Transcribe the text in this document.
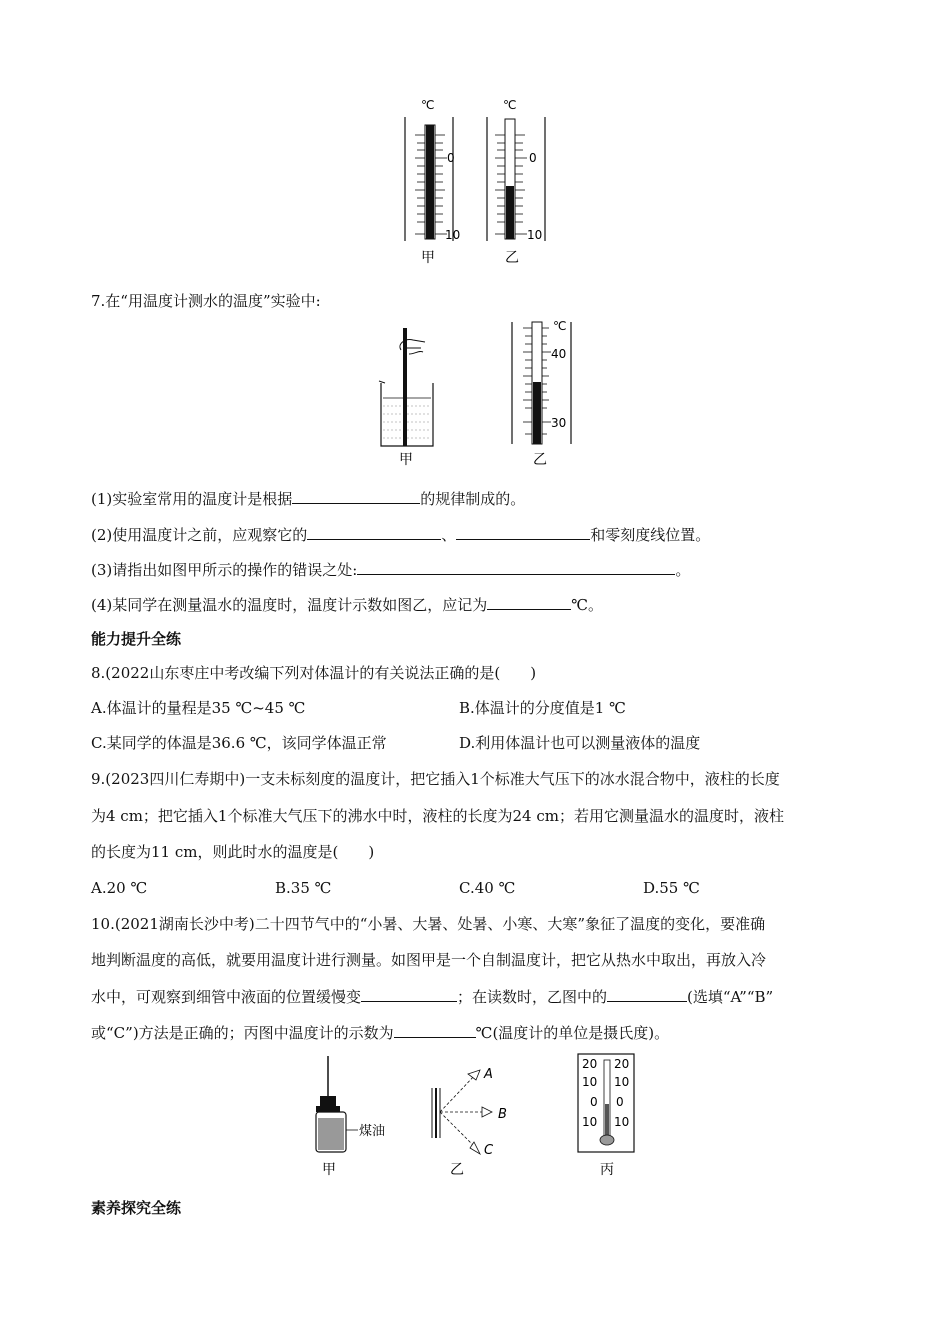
℃
0
10
甲
℃
0
10
乙
7.在“用温度计测水的温度”实验中:
甲
℃
40
30
乙
(1)实验室常用的温度计是根据	的规律制成的。
(2)使用温度计之前，应观察它的	、	和零刻度线位置。
(3)请指出如图甲所示的操作的错误之处:	。
(4)某同学在测量温水的温度时，温度计示数如图乙，应记为	℃。
能力提升全练
8.(2022山东枣庄中考改编下列对体温计的有关说法正确的是(　　)
A.体温计的量程是35 ℃~45 ℃	B.体温计的分度值是1 ℃
C.某同学的体温是36.6 ℃，该同学体温正常	D.利用体温计也可以测量液体的温度
9.(2023四川仁寿期中)一支未标刻度的温度计，把它插入1个标准大气压下的冰水混合物中，液柱的长度
为4 cm；把它插入1个标准大气压下的沸水中时，液柱的长度为24 cm；若用它测量温水的温度时，液柱
的长度为11 cm，则此时水的温度是(　　)
A.20 ℃	B.35 ℃	C.40 ℃	D.55 ℃
10.(2021湖南长沙中考)二十四节气中的“小暑、大暑、处暑、小寒、大寒”象征了温度的变化，要准确
地判断温度的高低，就要用温度计进行测量。如图甲是一个自制温度计，把它从热水中取出，再放入冷
水中，可观察到细管中液面的位置缓慢变	；在读数时，乙图中的	(选填“A”“B”
或“C”)方法是正确的；丙图中温度计的示数为	℃(温度计的单位是摄氏度)。
煤油
甲
A
B
C
乙
20 20
10 10
0 0
10 10
丙
素养探究全练
